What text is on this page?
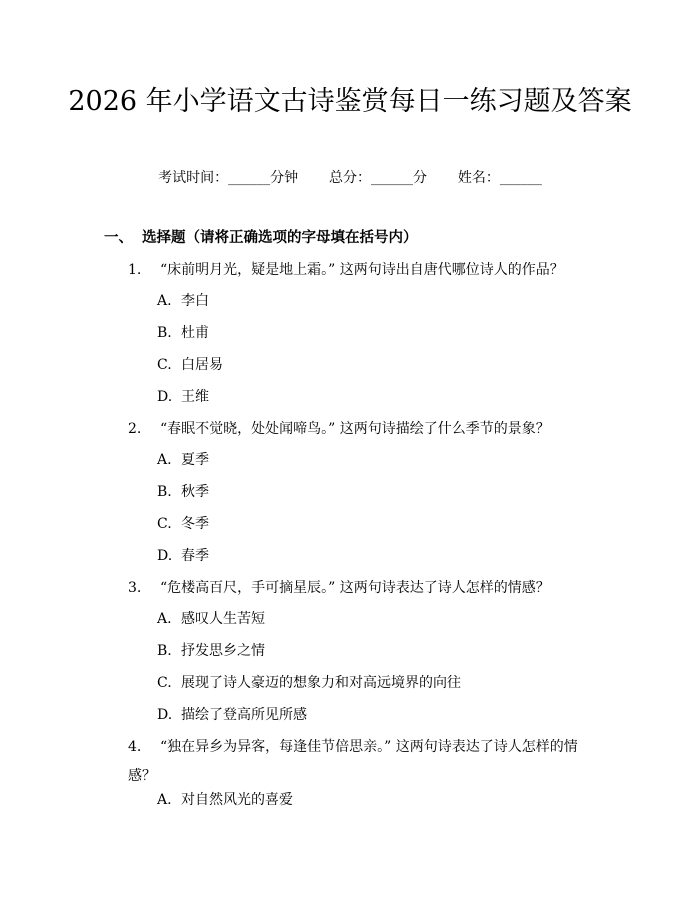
2026 年小学语文古诗鉴赏每日一练习题及答案
考试时间：______分钟 总分：______分 姓名：______
一、 选择题（请将正确选项的字母填在括号内）
1. “床前明月光，疑是地上霜。” 这两句诗出自唐代哪位诗人的作品？
A. 李白
B. 杜甫
C. 白居易
D. 王维
2. “春眠不觉晓，处处闻啼鸟。” 这两句诗描绘了什么季节的景象？
A. 夏季
B. 秋季
C. 冬季
D. 春季
3. “危楼高百尺，手可摘星辰。” 这两句诗表达了诗人怎样的情感？
A. 感叹人生苦短
B. 抒发思乡之情
C. 展现了诗人豪迈的想象力和对高远境界的向往
D. 描绘了登高所见所感
4. “独在异乡为异客，每逢佳节倍思亲。” 这两句诗表达了诗人怎样的情感？
A. 对自然风光的喜爱
